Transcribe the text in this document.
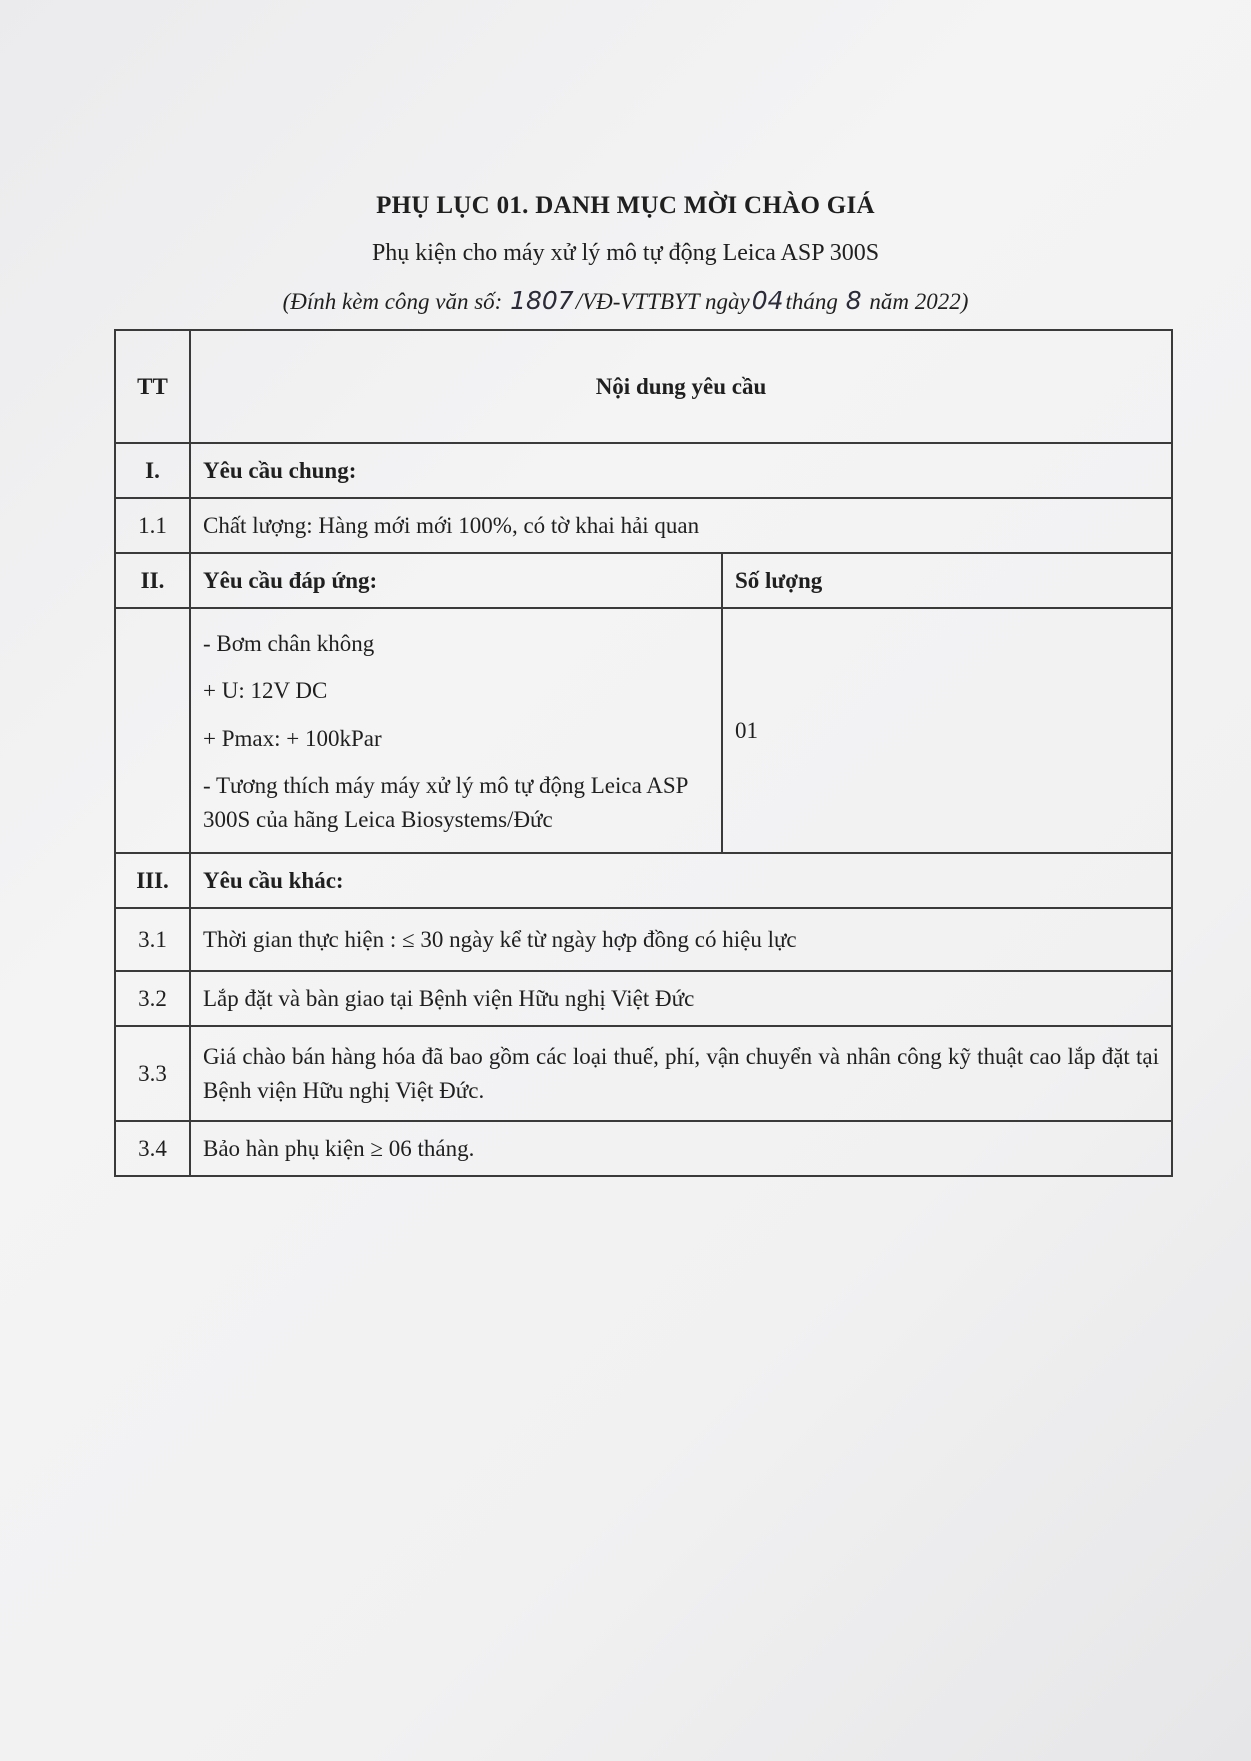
PHỤ LỤC 01. DANH MỤC MỜI CHÀO GIÁ
Phụ kiện cho máy xử lý mô tự động Leica ASP 300S
(Đính kèm công văn số: 1807/VĐ-VTTBYT ngày04tháng 8 năm 2022)
TT	Nội dung yêu cầu	
I.	Yêu cầu chung:	
1.1	Chất lượng: Hàng mới mới 100%, có tờ khai hải quan	
II.	Yêu cầu đáp ứng:	Số lượng

	- Bơm chân không
+ U: 12V DC
+ Pmax: + 100kPar
- Tương thích máy máy xử lý mô tự động Leica ASP 300S của hãng Leica Biosystems/Đức	01
III.	Yêu cầu khác:	
3.1	Thời gian thực hiện : ≤ 30 ngày kể từ ngày hợp đồng có hiệu lực	
3.2	Lắp đặt và bàn giao tại Bệnh viện Hữu nghị Việt Đức	
3.3	Giá chào bán hàng hóa đã bao gồm các loại thuế, phí, vận chuyển và nhân công kỹ thuật cao lắp đặt tại Bệnh viện Hữu nghị Việt Đức.	
3.4	Bảo hàn phụ kiện ≥ 06 tháng.	
